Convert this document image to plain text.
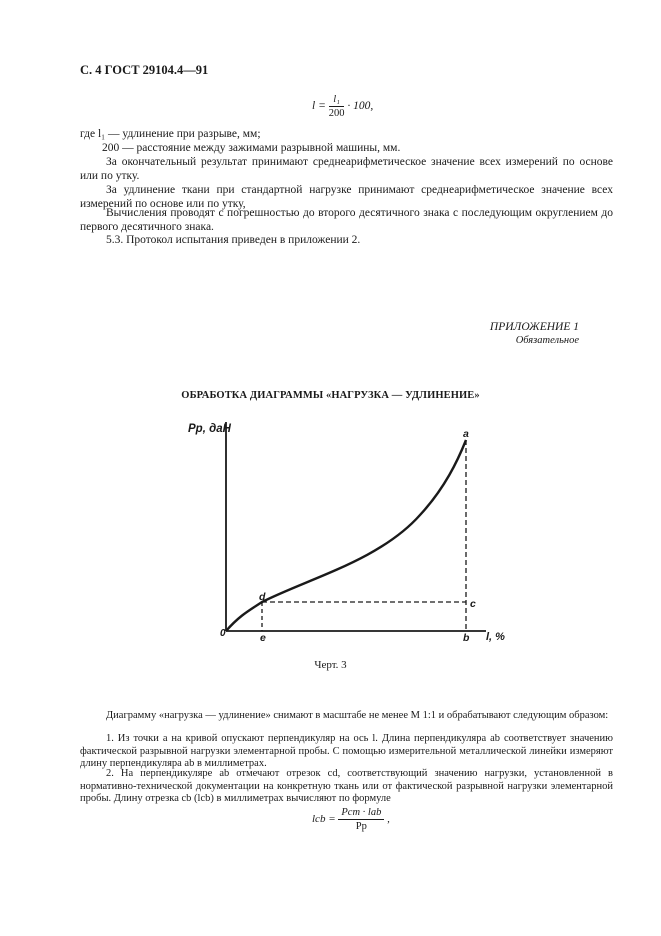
С. 4 ГОСТ 29104.4—91
$l = \frac{\text{l₁}}{200} \cdot 100$,
где l₁ — удлинение при разрыве, мм;
200 — расстояние между зажимами разрывной машины, мм.
За окончательный результат принимают среднеарифметическое значение всех измерений по основе или по утку.
За удлинение ткани при стандартной нагрузке принимают среднеарифметическое значение всех измерений по основе или по утку,
Вычисления проводят с погрешностью до второго десятичного знака с последующим округлением до первого десятичного знака.
5.3. Протокол испытания приведен в приложении 2.
ПРИЛОЖЕНИЕ 1
Обязательное
ОБРАБОТКА ДИАГРАММЫ «НАГРУЗКА — УДЛИНЕНИЕ»
Pp, даН
l, %
0
a
b
c
d
e
Черт. 3
Диаграмму «нагрузка — удлинение» снимают в масштабе не менее М 1:1 и обрабатывают следующим образом:
1. Из точки a на кривой опускают перпендикуляр на ось l. Длина перпендикуляра ab соответствует значению фактической разрывной нагрузки элементарной пробы. С помощью измерительной металлической линейки измеряют длину перпендикуляра ab в миллиметрах.
2. На перпендикуляре ab отмечают отрезок cd, соответствующий значению нагрузки, установленной в нормативно-технической документации на конкретную ткань или от фактической разрывной нагрузки элементарной пробы. Длину отрезка cb (lcb) в миллиметрах вычисляют по формуле
lcb = $\frac{\text{Pсm · lab}}{Pp}$ ,
